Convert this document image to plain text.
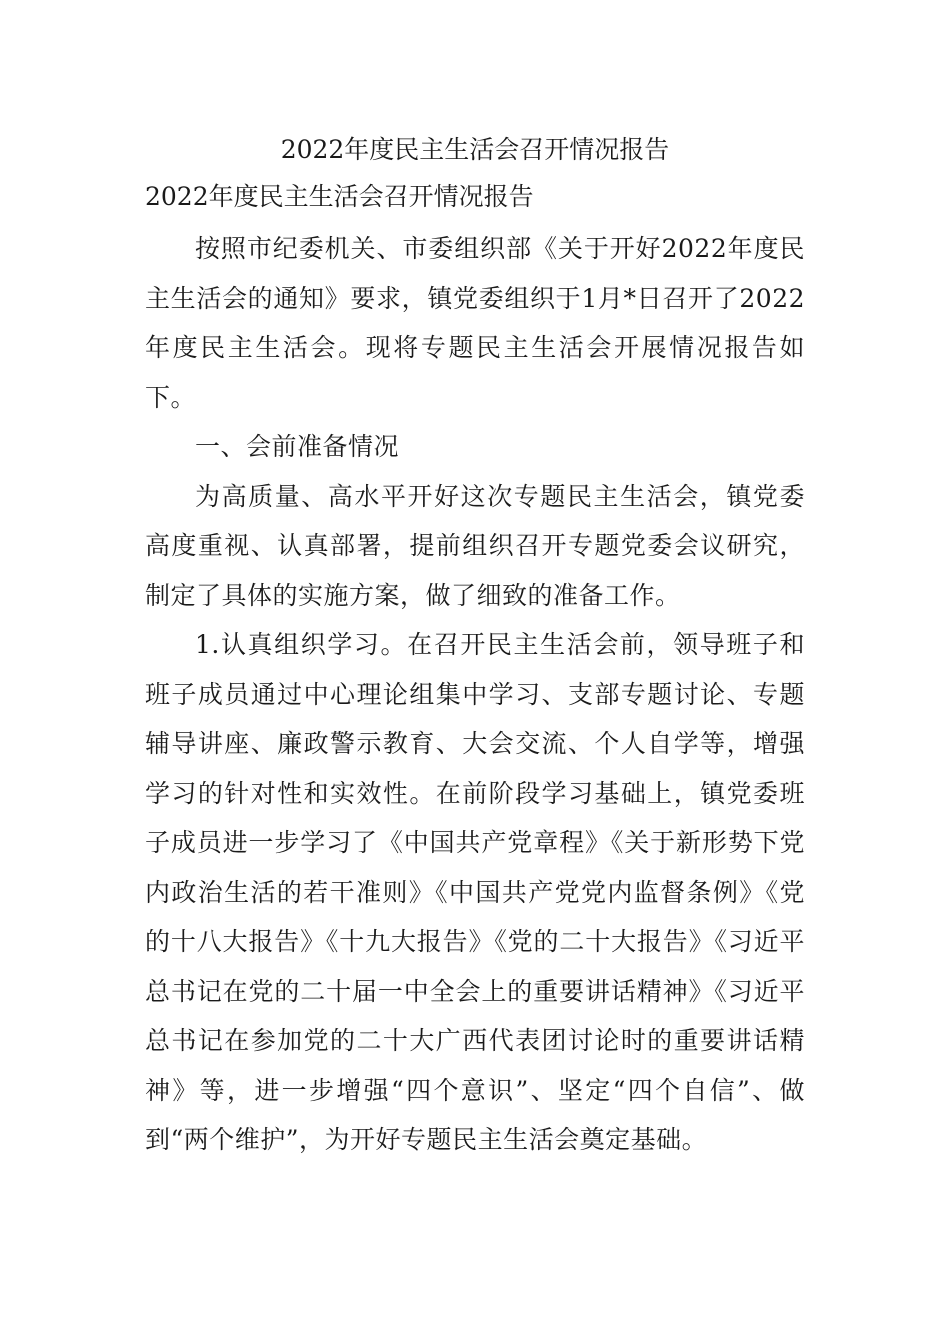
2022年度民主生活会召开情况报告
2022年度民主生活会召开情况报告

按照市纪委机关、市委组织部《关于开好2022年度民主生活会的通知》要求，镇党委组织于1月*日召开了2022年度民主生活会。现将专题民主生活会开展情况报告如下。

一、会前准备情况

为高质量、高水平开好这次专题民主生活会，镇党委高度重视、认真部署，提前组织召开专题党委会议研究，制定了具体的实施方案，做了细致的准备工作。

1.认真组织学习。在召开民主生活会前，领导班子和班子成员通过中心理论组集中学习、支部专题讨论、专题辅导讲座、廉政警示教育、大会交流、个人自学等，增强学习的针对性和实效性。在前阶段学习基础上，镇党委班子成员进一步学习了《中国共产党章程》《关于新形势下党内政治生活的若干准则》《中国共产党党内监督条例》《党的十八大报告》《十九大报告》《党的二十大报告》《习近平总书记在党的二十届一中全会上的重要讲话精神》《习近平总书记在参加党的二十大广西代表团讨论时的重要讲话精神》等，进一步增强“四个意识”、坚定“四个自信”、做到“两个维护”，为开好专题民主生活会奠定基础。
